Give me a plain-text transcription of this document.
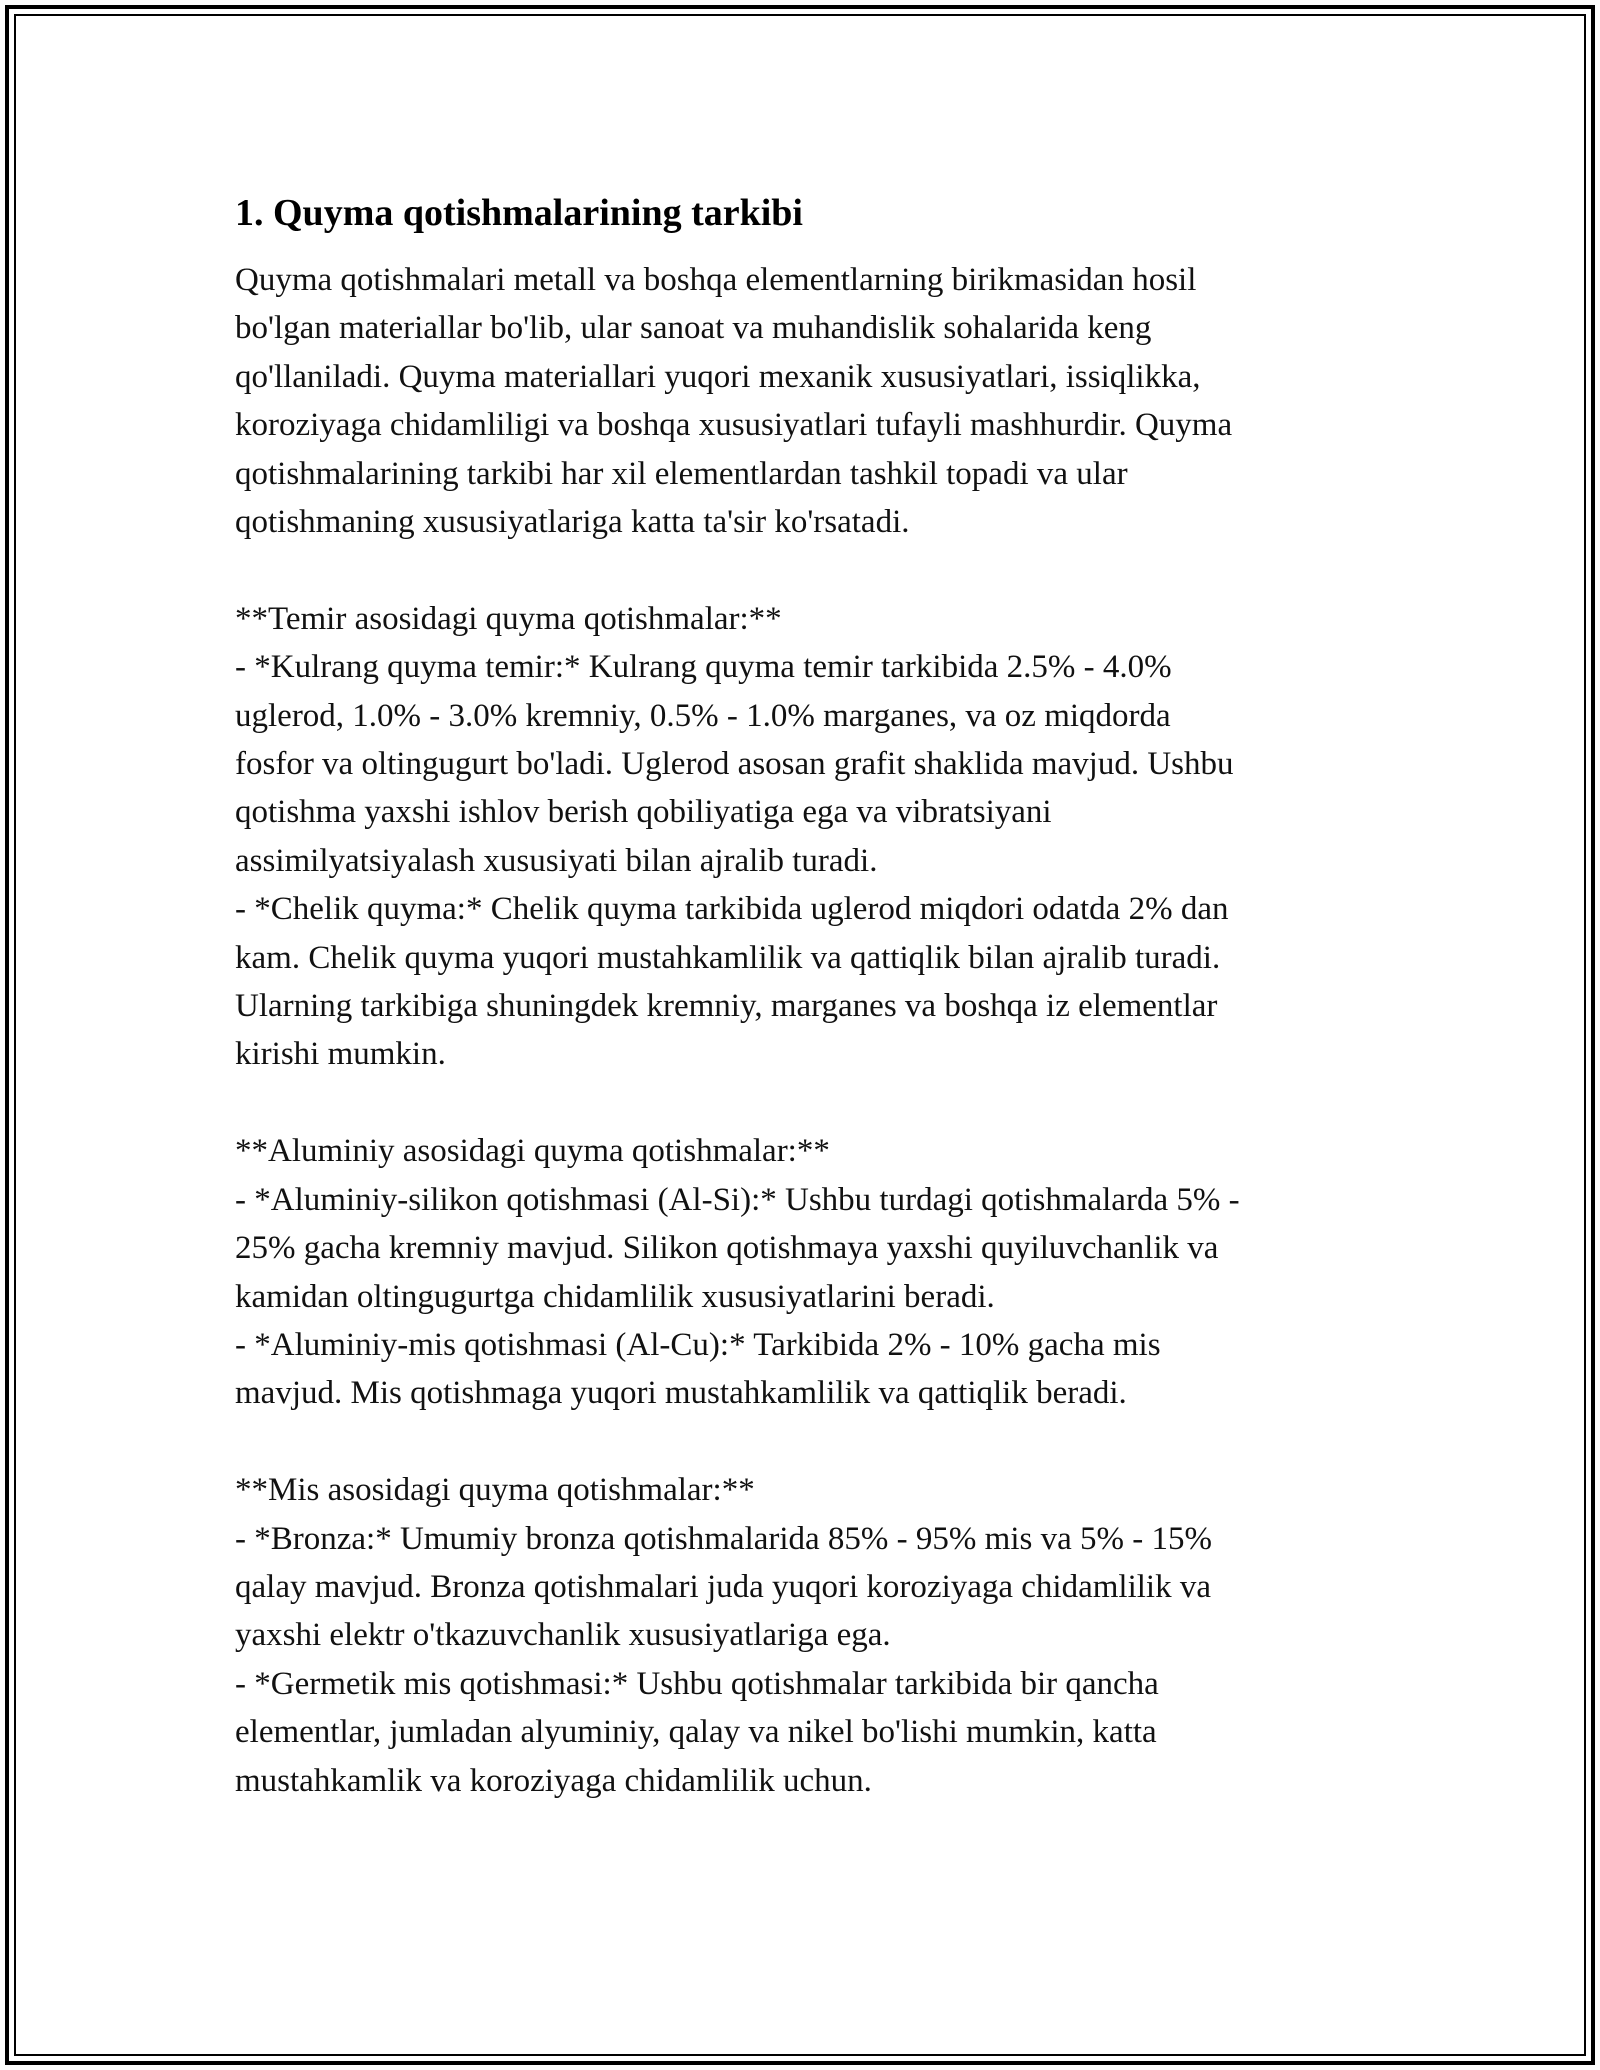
1. Quyma qotishmalarining tarkibi

Quyma qotishmalari metall va boshqa elementlarning birikmasidan hosil
bo'lgan materiallar bo'lib, ular sanoat va muhandislik sohalarida keng
qo'llaniladi. Quyma materiallari yuqori mexanik xususiyatlari, issiqlikka,
koroziyaga chidamliligi va boshqa xususiyatlari tufayli mashhurdir. Quyma
qotishmalarining tarkibi har xil elementlardan tashkil topadi va ular
qotishmaning xususiyatlariga katta ta'sir ko'rsatadi.

**Temir asosidagi quyma qotishmalar:**
- *Kulrang quyma temir:* Kulrang quyma temir tarkibida 2.5% - 4.0%
uglerod, 1.0% - 3.0% kremniy, 0.5% - 1.0% marganes, va oz miqdorda
fosfor va oltingugurt bo'ladi. Uglerod asosan grafit shaklida mavjud. Ushbu
qotishma yaxshi ishlov berish qobiliyatiga ega va vibratsiyani
assimilyatsiyalash xususiyati bilan ajralib turadi.
- *Chelik quyma:* Chelik quyma tarkibida uglerod miqdori odatda 2% dan
kam. Chelik quyma yuqori mustahkamlilik va qattiqlik bilan ajralib turadi.
Ularning tarkibiga shuningdek kremniy, marganes va boshqa iz elementlar
kirishi mumkin.
**Aluminiy asosidagi quyma qotishmalar:**
- *Aluminiy-silikon qotishmasi (Al-Si):* Ushbu turdagi qotishmalarda 5% -
25% gacha kremniy mavjud. Silikon qotishmaya yaxshi quyiluvchanlik va
kamidan oltingugurtga chidamlilik xususiyatlarini beradi.
- *Aluminiy-mis qotishmasi (Al-Cu):* Tarkibida 2% - 10% gacha mis
mavjud. Mis qotishmaga yuqori mustahkamlilik va qattiqlik beradi.
**Mis asosidagi quyma qotishmalar:**
- *Bronza:* Umumiy bronza qotishmalarida 85% - 95% mis va 5% - 15%
qalay mavjud. Bronza qotishmalari juda yuqori koroziyaga chidamlilik va
yaxshi elektr o'tkazuvchanlik xususiyatlariga ega.
- *Germetik mis qotishmasi:* Ushbu qotishmalar tarkibida bir qancha
elementlar, jumladan alyuminiy, qalay va nikel bo'lishi mumkin, katta
mustahkamlik va koroziyaga chidamlilik uchun.
